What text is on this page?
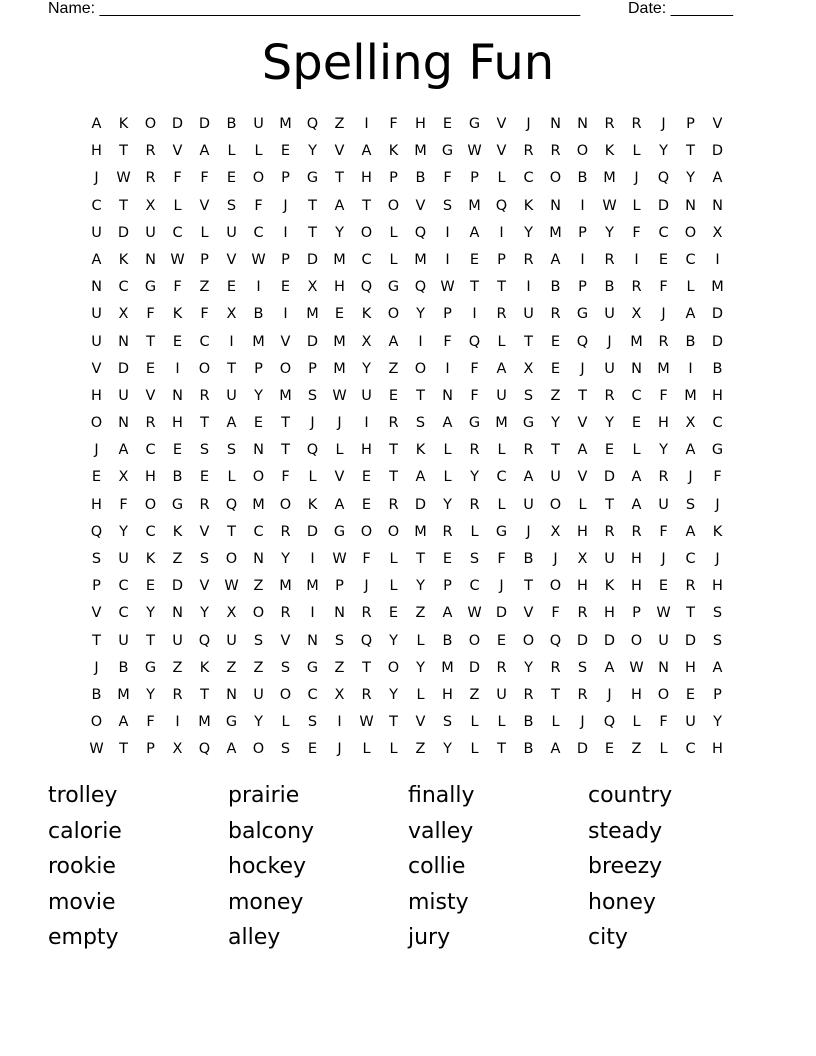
Name: ______________________________________________________	Date: _______
Spelling Fun
A	K	O	D	D	B	U	M	Q	Z	I	F	H	E	G	V	J	N	N	R	R	J	P	V
H	T	R	V	A	L	L	E	Y	V	A	K	M	G W	V	R	R	O	K	L	Y	T	D
J	W	R	F	F	E	O	P	G	T	H	P	B	F	P	L	C	O	B	M	J	Q	Y	A
C	T	X	L	V	S	F	J	T	A	T	O	V	S	M	Q	K	N	I	W	L	D	N	N
U	D	U	C	L	U	C	I	T	Y	O	L	Q	I	A	I	Y	M	P	Y	F	C	O	X
A	K	N W	P	V	W	P	D	M	C	L	M	I	E	P	R	A	I	R	I	E	C	I
N	C	G	F	Z	E	I	E	X	H	Q	G	Q W	T	T	I	B	P	B	R	F	L	M
U	X	F	K	F	X	B	I	M	E	K	O	Y	P	I	R	U	R	G	U	X	J	A	D
U	N	T	E	C	I	M	V	D	M	X	A	I	F	Q	L	T	E	Q	J	M	R	B	D
V	D	E	I	O	T	P	O	P	M	Y	Z	O	I	F	A	X	E	J	U	N	M	I	B
H	U	V	N	R	U	Y	M	S	W	U	E	T	N	F	U	S	Z	T	R	C	F	M	H
O	N	R	H	T	A	E	T	J	J	I	R	S	A	G	M	G	Y	V	Y	E	H	X	C
J	A	C	E	S	S	N	T	Q	L	H	T	K	L	R	L	R	T	A	E	L	Y	A	G
E	X	H	B	E	L	O	F	L	V	E	T	A	L	Y	C	A	U	V	D	A	R	J	F
H	F	O	G	R	Q	M	O	K	A	E	R	D	Y	R	L	U	O	L	T	A	U	S	J
Q	Y	C	K	V	T	C	R	D	G	O	O	M	R	L	G	J	X	H	R	R	F	A	K
S	U	K	Z	S	O	N	Y	I	W	F	L	T	E	S	F	B	J	X	U	H	J	C	J
P	C	E	D	V	W	Z	M M	P	J	L	Y	P	C	J	T	O	H	K	H	E	R	H
V	C	Y	N	Y	X	O	R	I	N	R	E	Z	A	W D	V	F	R	H	P	W	T	S
T	U	T	U	Q	U	S	V	N	S	Q	Y	L	B	O	E	O	Q	D	D	O	U	D	S
J	B	G	Z	K	Z	Z	S	G	Z	T	O	Y	M	D	R	Y	R	S	A	W N	H	A
B	M	Y	R	T	N	U	O	C	X	R	Y	L	H	Z	U	R	T	R	J	H	O	E	P
O	A	F	I	M	G	Y	L	S	I	W	T	V	S	L	L	B	L	J	Q	L	F	U	Y
W	T	P	X	Q	A	O	S	E	J	L	L	Z	Y	L	T	B	A	D	E	Z	L	C	H
trolley	prairie	finally	country
calorie	balcony	valley	steady
rookie	hockey	collie	breezy
movie	money	misty	honey
empty	alley	jury	city
